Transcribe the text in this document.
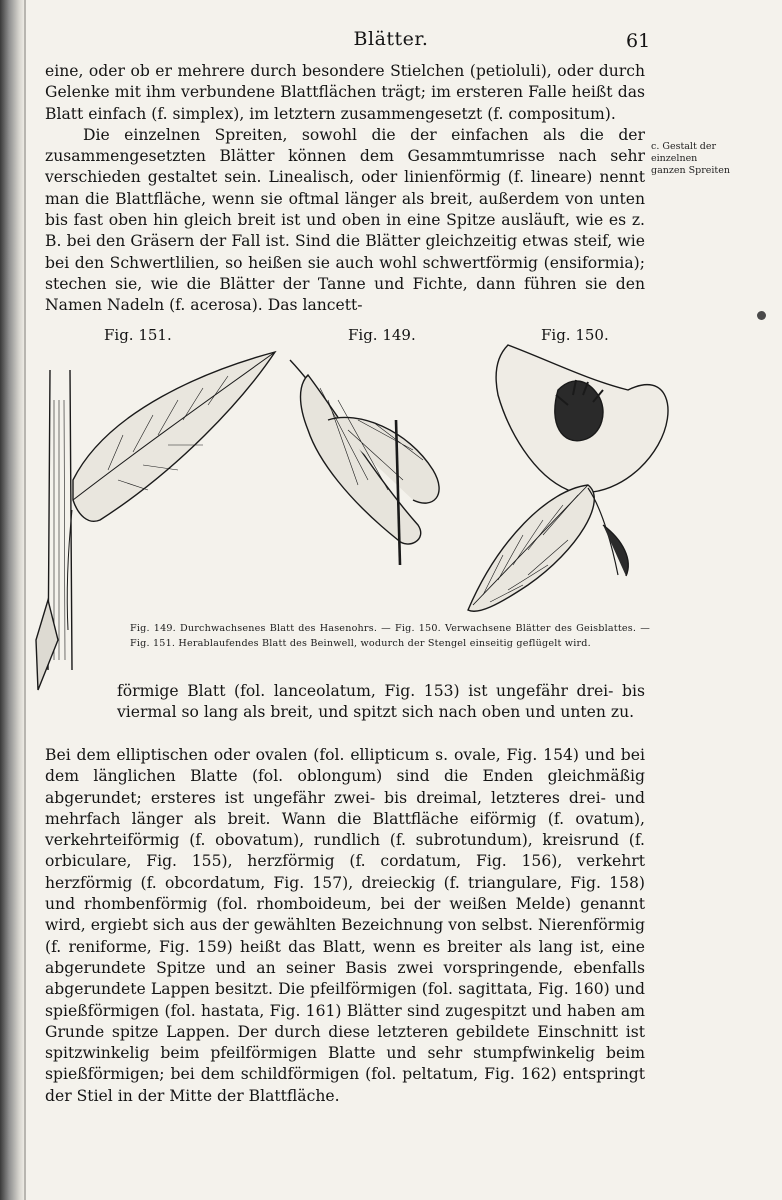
Blätter.	61

eine, oder ob er mehrere durch besondere Stielchen (petioluli), oder durch Gelenke mit ihm verbundene Blattflächen trägt; im ersteren Falle heißt das Blatt einfach (f. simplex), im letztern zusammengesetzt (f. compositum).

Die einzelnen Spreiten, sowohl die der einfachen als die der zusammengesetzten Blätter können dem Gesammtumrisse nach sehr verschieden gestaltet sein. Linealisch, oder linienförmig (f. lineare) nennt man die Blattfläche, wenn sie oftmal länger als breit, außerdem von unten bis fast oben hin gleich breit ist und oben in eine Spitze ausläuft, wie es z. B. bei den Gräsern der Fall ist. Sind die Blätter gleichzeitig etwas steif, wie bei den Schwertlilien, so heißen sie auch wohl schwertförmig (ensiformia); stechen sie, wie die Blätter der Tanne und Fichte, dann führen sie den Namen Nadeln (f. acerosa). Das lancett-

c. Gestalt der einzelnen ganzen Spreiten
Fig. 151.	Fig. 149.	Fig. 150.
Fig. 149. Durchwachsenes Blatt des Hasenohrs. — Fig. 150. Verwachsene Blätter des Geisblattes. — Fig. 151. Herablaufendes Blatt des Beinwell, wodurch der Stengel einseitig geflügelt wird.

förmige Blatt (fol. lanceolatum, Fig. 153) ist ungefähr drei- bis viermal so lang als breit, und spitzt sich nach oben und unten zu.

Bei dem elliptischen oder ovalen (fol. ellipticum s. ovale, Fig. 154) und bei dem länglichen Blatte (fol. oblongum) sind die Enden gleichmäßig abgerundet; ersteres ist ungefähr zwei- bis dreimal, letzteres drei- und mehrfach länger als breit. Wann die Blattfläche eiförmig (f. ovatum), verkehrteiförmig (f. obovatum), rundlich (f. subrotundum), kreisrund (f. orbiculare, Fig. 155), herzförmig (f. cordatum, Fig. 156), verkehrt herzförmig (f. obcordatum, Fig. 157), dreieckig (f. triangulare, Fig. 158) und rhombenförmig (fol. rhomboideum, bei der weißen Melde) genannt wird, ergiebt sich aus der gewählten Bezeichnung von selbst. Nierenförmig (f. reniforme, Fig. 159) heißt das Blatt, wenn es breiter als lang ist, eine abgerundete Spitze und an seiner Basis zwei vorspringende, ebenfalls abgerundete Lappen besitzt. Die pfeilförmigen (fol. sagittata, Fig. 160) und spießförmigen (fol. hastata, Fig. 161) Blätter sind zugespitzt und haben am Grunde spitze Lappen. Der durch diese letzteren gebildete Einschnitt ist spitzwinkelig beim pfeilförmigen Blatte und sehr stumpfwinkelig beim spießförmigen; bei dem schildförmigen (fol. peltatum, Fig. 162) entspringt der Stiel in der Mitte der Blattfläche.
